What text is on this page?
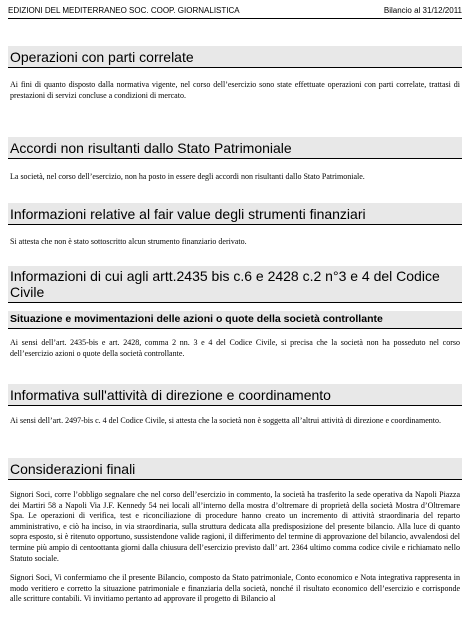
EDIZIONI DEL MEDITERRANEO SOC. COOP. GIORNALISTICA	Bilancio al 31/12/2011
Operazioni con parti correlate

Ai fini di quanto disposto dalla normativa vigente, nel corso dell’esercizio sono state effettuate operazioni con parti correlate, trattasi di prestazioni di servizi concluse a condizioni di mercato.

Accordi non risultanti dallo Stato Patrimoniale

La società, nel corso dell’esercizio, non ha posto in essere degli accordi non risultanti dallo Stato Patrimoniale.

Informazioni relative al fair value degli strumenti finanziari

Si attesta che non è stato sottoscritto alcun strumento finanziario derivato.

Informazioni di cui agli artt.2435 bis c.6 e 2428 c.2 n°3 e 4 del Codice Civile
Situazione e movimentazioni delle azioni o quote della società controllante

Ai sensi dell’art. 2435-bis e art. 2428, comma 2 nn. 3 e 4 del Codice Civile, si precisa che la società non ha posseduto nel corso dell’esercizio azioni o quote della società controllante.

Informativa sull'attività di direzione e coordinamento

Ai sensi dell’art. 2497-bis c. 4 del Codice Civile, si attesta che la società non è soggetta all’altrui attività di direzione e coordinamento.

Considerazioni finali

Signori Soci, corre l’obbligo segnalare che nel corso dell’esercizio in commento, la società ha trasferito la sede operativa da Napoli Piazza dei Martiri 58 a Napoli Via J.F. Kennedy 54 nei locali all’interno della mostra d’oltremare di proprietà della società Mostra d’Oltremare Spa. Le operazioni di verifica, test e riconciliazione di procedure hanno creato un incremento di attività straordinaria del reparto amministrativo, e ciò ha inciso, in via straordinaria, sulla struttura dedicata alla predisposizione del presente bilancio. Alla luce di quanto sopra esposto, si è ritenuto opportuno, sussistendone valide ragioni, il differimento del termine di approvazione del bilancio, avvalendosi del termine più ampio di centoottanta giorni dalla chiusura dell’esercizio previsto dall’ art. 2364 ultimo comma codice civile e richiamato nello Statuto sociale.

Signori Soci, Vi confermiamo che il presente Bilancio, composto da Stato patrimoniale, Conto economico e Nota integrativa rappresenta in modo veritiero e corretto la situazione patrimoniale e finanziaria della società, nonché il risultato economico dell’esercizio e corrisponde alle scritture contabili. Vi invitiamo pertanto ad approvare il progetto di Bilancio al
